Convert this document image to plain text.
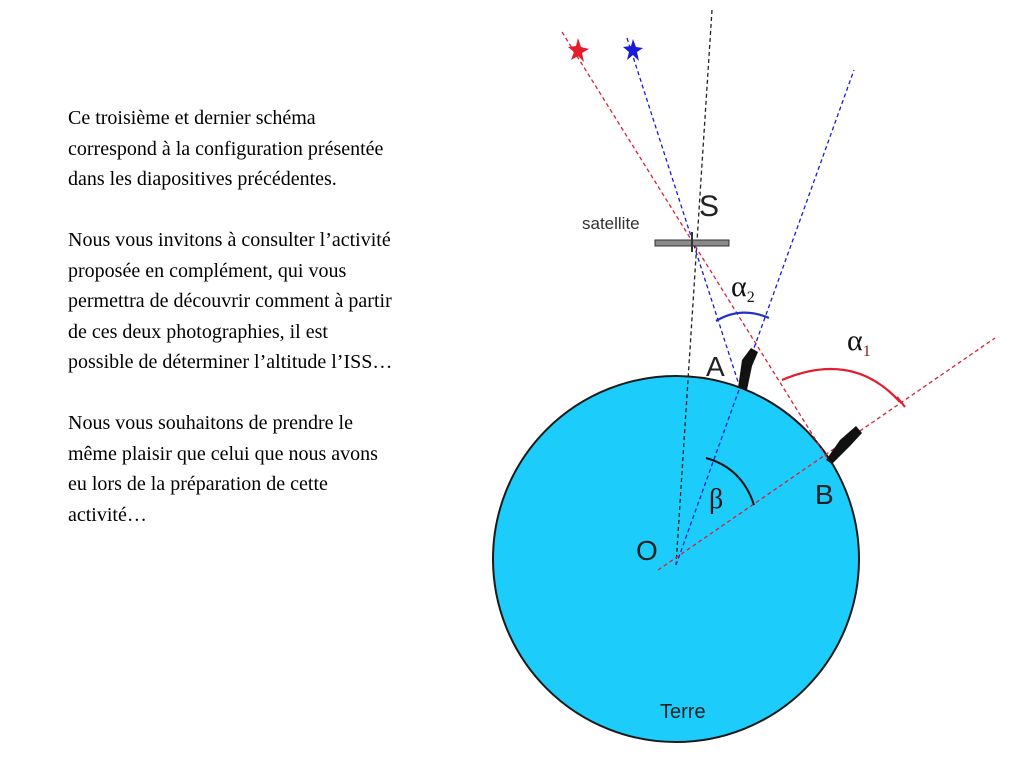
Ce troisième et dernier schéma correspond à la configuration présentée dans les diapositives précédentes.

Nous vous invitons à consulter l’activité proposée en complément, qui vous permettra de découvrir comment à partir de ces deux photographies, il est possible de déterminer l’altitude l’ISS…

Nous vous souhaitons de prendre le même plaisir que celui que nous avons eu lors de la préparation de cette activité…

satellite
S
A
B
O
Terre
$\alpha_2$
$\alpha_1$
β
